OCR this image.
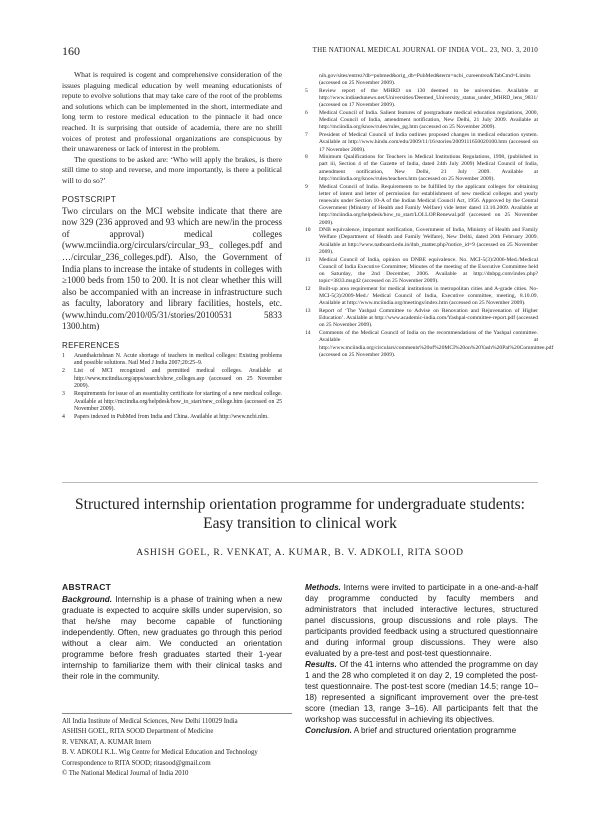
160	THE NATIONAL MEDICAL JOURNAL OF INDIA VOL. 23, NO. 3, 2010

What is required is cogent and comprehensive consideration of the issues plaguing medical education by well meaning educationists of repute to evolve solutions that may take care of the root of the problems and solutions which can be implemented in the short, intermediate and long term to restore medical education to the pinnacle it had once reached. It is surprising that outside of academia, there are no shrill voices of protest and professional organizations are conspicuous by their unawareness or lack of interest in the problem.

The questions to be asked are: ‘Who will apply the brakes, is there still time to stop and reverse, and more importantly, is there a political will to do so?’

POSTSCRIPT

Two circulars on the MCI website indicate that there are now 329 (236 approved and 93 which are new/in the process of approval) medical colleges (www.mciindia.org/circulars/circular_93_ colleges.pdf and …/circular_236_colleges.pdf). Also, the Government of India plans to increase the intake of students in colleges with ≥1000 beds from 150 to 200. It is not clear whether this will also be accompanied with an increase in infrastructure such as faculty, laboratory and library facilities, hostels, etc. (www.hindu.com/2010/05/31/stories/20100531 5833 1300.htm)

REFERENCES
1 Ananthakrishnan N. Acute shortage of teachers in medical colleges: Existing problems and possible solutions. Natl Med J India 2007;20:25–9.
2 List of MCI recognized and permitted medical colleges. Available at http://www.mciindia.org/apps/search/show_colleges.asp (accessed on 25 November 2009).
3 Requirements for issue of an essentiality certificate for starting of a new medical college. Available at http://mciindia.org/helpdesk/how_to_start/new_college.htm (accessed on 25 November 2009).
4 Papers indexed in PubMed from India and China. Available at http://www.ncbi.nlm.
nih.gov/sites/entrez?db=pubmed&orig_db=PubMed&term=ncbi_cureentrez&TabCmd=Limits (accessed on 25 November 2009).
5 Review report of the MHRD on 130 deemed to be universities. Available at http://www.indiaedunews.net/Universities/Deemed_University_status_under_MHRD_lens_9831/ (accessed on 17 November 2009).
6 Medical Council of India. Salient features of postgraduate medical education regulations, 2000, Medical Council of India, amendment notification, New Delhi, 21 July 2009. Available at http://mciindia.org/know/rules/rules_pg.htm (accessed on 25 November 2009).
7 President of Medical Council of India outlines proposed changes in medical education system. Available at http://www.hindu.com/edu/2009/11/16/stories/2009111650020100.htm (accessed on 17 November 2009).
8 Minimum Qualifications for Teachers in Medical Institutions Regulations, 1998, (published in part iii, Section 4 of the Gazette of India, dated 24th July 2009) Medical Council of India, amendment notification, New Delhi, 21 July 2009. Available at http://mciindia.org/know/rules/teachers.htm (accessed on 25 November 2009).
9 Medical Council of India. Requirements to be fulfilled by the applicant colleges for obtaining letter of intent and letter of permission for establishment of new medical colleges and yearly renewals under Section 10-A of the Indian Medical Council Act, 1956. Approved by the Central Government (Ministry of Health and Family Welfare) vide letter dated 13.10.2009. Available at http://mciindia.org/helpdesk/how_to_start/LOI.LOP.Renewal.pdf (accessed on 25 November 2009).
10 DNB equivalence, important notification, Government of India, Ministry of Health and Family Welfare (Department of Health and Family Welfare), New Delhi, dated 20th February 2009. Available at http://www.natboard.edu.in/dnb_matter.php?notice_id=9 (accessed on 25 November 2009).
11 Medical Council of India, opinion on DNBE equivalence. No. MCI-5(3)/2006-Med./Medical Council of India Executive Committee; Minutes of the meeting of the Executive Committee held on Saturday, the 2nd December, 2006. Available at http://dnbpg.com/index.php?topic=3833.msg42 (accessed on 25 November 2009).
12 Built-up area requirement for medical institutions in metropolitan cities and A-grade cities. No-MCI-5(3)/2009-Med./ Medical Council of India, Executive committee, meeting, 8.10.09. Available at http://www.mciindia.org/meetings/index.htm (accessed on 25 November 2009).
13 Report of ‘The Yashpal Committee to Advise on Renovation and Rejuvenation of Higher Education’. Available at http://www.academic-india.com/Yashpal-committee-report.pdf (accessed on 25 November 2009).
14 Comments of the Medical Council of India on the recommendations of the Yashpal committee. Available at http://www.mciindia.org/circulars/comments%20of%20MCI%20on%20Yash%20Pal%20Committee.pdf (accessed on 25 November 2009).
Structured internship orientation programme for undergraduate students: Easy transition to clinical work
ASHISH GOEL, R. VENKAT, A. KUMAR, B. V. ADKOLI, RITA SOOD
ABSTRACT

Background. Internship is a phase of training when a new graduate is expected to acquire skills under supervision, so that he/she may become capable of functioning independently. Often, new graduates go through this period without a clear aim. We conducted an orientation programme before fresh graduates started their 1-year internship to familiarize them with their clinical tasks and their role in the community.

Methods. Interns were invited to participate in a one-and-a-half day programme conducted by faculty members and administrators that included interactive lectures, structured panel discussions, group discussions and role plays. The participants provided feedback using a structured questionnaire and during informal group discussions. They were also evaluated by a pre-test and post-test questionnaire.

Results. Of the 41 interns who attended the programme on day 1 and the 28 who completed it on day 2, 19 completed the post-test questionnaire. The post-test score (median 14.5; range 10–18) represented a significant improvement over the pre-test score (median 13, range 3–16). All participants felt that the workshop was successful in achieving its objectives.

Conclusion. A brief and structured orientation programme

All India Institute of Medical Sciences, New Delhi 110029 India
ASHISH GOEL, RITA SOOD Department of Medicine
R. VENKAT, A. KUMAR Intern
B. V. ADKOLI K.L. Wig Centre for Medical Education and Technology
Correspondence to RITA SOOD; ritasood@gmail.com
© The National Medical Journal of India 2010
